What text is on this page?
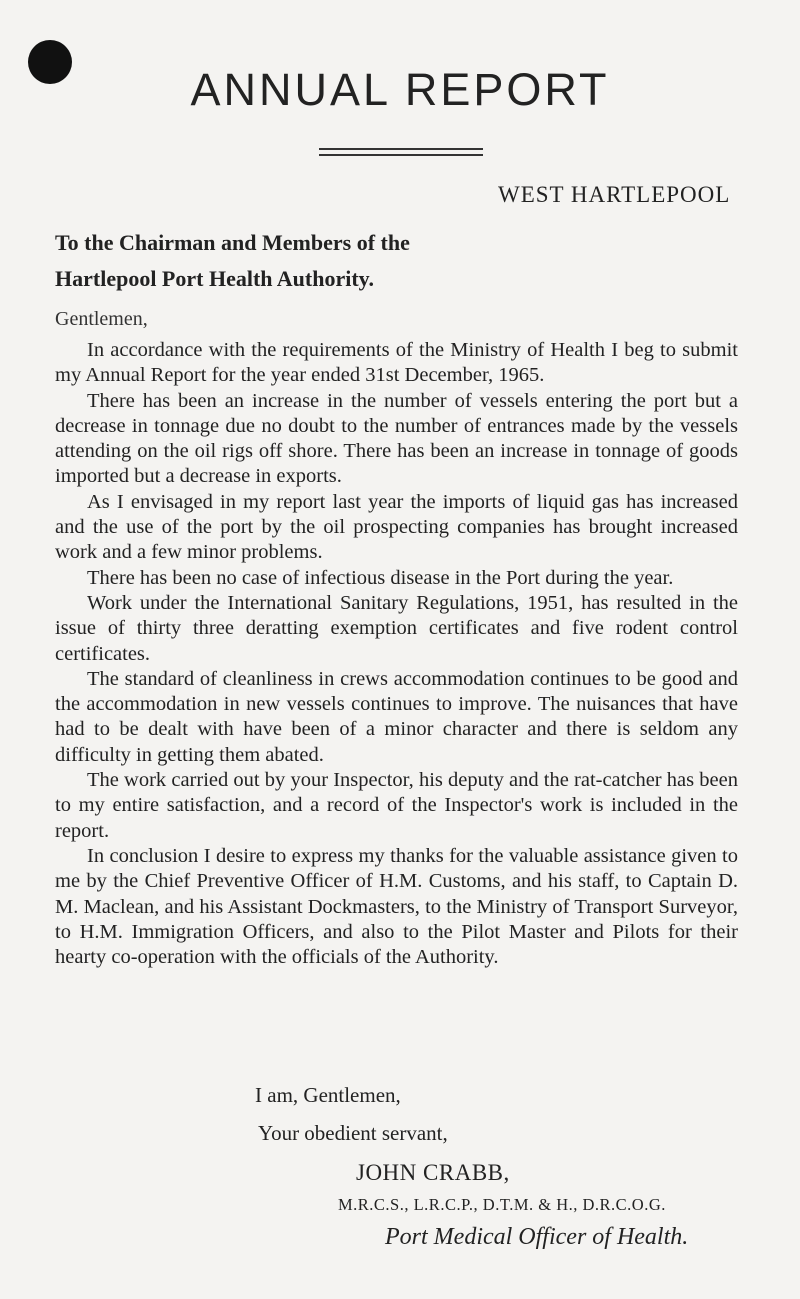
ANNUAL REPORT
WEST HARTLEPOOL
To the Chairman and Members of the
Hartlepool Port Health Authority.
Gentlemen,

In accordance with the requirements of the Ministry of Health I beg to submit my Annual Report for the year ended 31st December, 1965.

There has been an increase in the number of vessels entering the port but a decrease in tonnage due no doubt to the number of entrances made by the vessels attending on the oil rigs off shore. There has been an increase in tonnage of goods imported but a decrease in exports.

As I envisaged in my report last year the imports of liquid gas has increased and the use of the port by the oil prospecting companies has brought increased work and a few minor problems.

There has been no case of infectious disease in the Port during the year.

Work under the International Sanitary Regulations, 1951, has resulted in the issue of thirty three deratting exemption certificates and five rodent control certificates.

The standard of cleanliness in crews accommodation continues to be good and the accommodation in new vessels continues to improve. The nuisances that have had to be dealt with have been of a minor character and there is seldom any difficulty in getting them abated.

The work carried out by your Inspector, his deputy and the rat-catcher has been to my entire satisfaction, and a record of the Inspector's work is included in the report.

In conclusion I desire to express my thanks for the valuable assistance given to me by the Chief Preventive Officer of H.M. Customs, and his staff, to Captain D. M. Maclean, and his Assistant Dockmasters, to the Ministry of Transport Surveyor, to H.M. Immigration Officers, and also to the Pilot Master and Pilots for their hearty co-operation with the officials of the Authority.

I am, Gentlemen,
Your obedient servant,
JOHN CRABB,
M.R.C.S., L.R.C.P., D.T.M. & H., D.R.C.O.G.
Port Medical Officer of Health.
